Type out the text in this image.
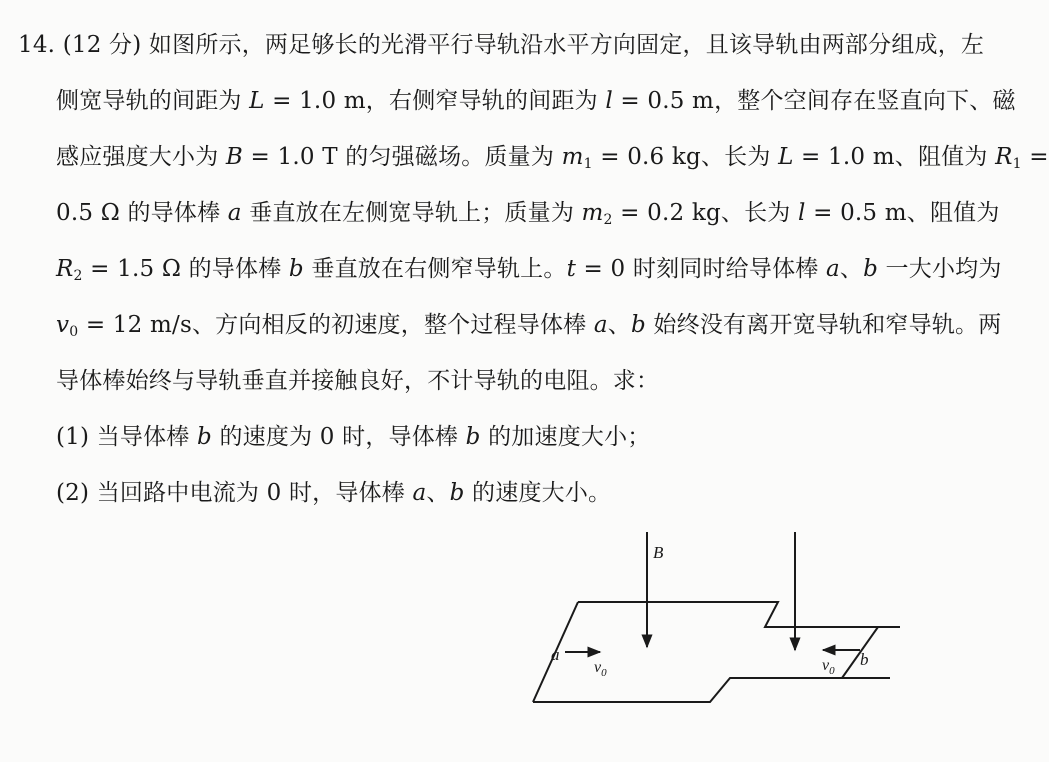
14. (12 分) 如图所示，两足够长的光滑平行导轨沿水平方向固定，且该导轨由两部分组成，左
侧宽导轨的间距为 L = 1.0 m，右侧窄导轨的间距为 l = 0.5 m，整个空间存在竖直向下、磁
感应强度大小为 B = 1.0 T 的匀强磁场。质量为 $m_1 = 0.6$ kg、长为 L = 1.0 m、阻值为 $R_1$ =
0.5 Ω 的导体棒 a 垂直放在左侧宽导轨上；质量为 $m_2 = 0.2$ kg、长为 l = 0.5 m、阻值为
$R_2 = 1.5$ Ω 的导体棒 b 垂直放在右侧窄导轨上。t = 0 时刻同时给导体棒 a、b 一大小均为
$v_0 = 12$ m/s、方向相反的初速度，整个过程导体棒 a、b 始终没有离开宽导轨和窄导轨。两
导体棒始终与导轨垂直并接触良好，不计导轨的电阻。求：
(1) 当导体棒 b 的速度为 0 时，导体棒 b 的加速度大小；
(2) 当回路中电流为 0 时，导体棒 a、b 的速度大小。
B
a	b
$v_0$	$v_0$
